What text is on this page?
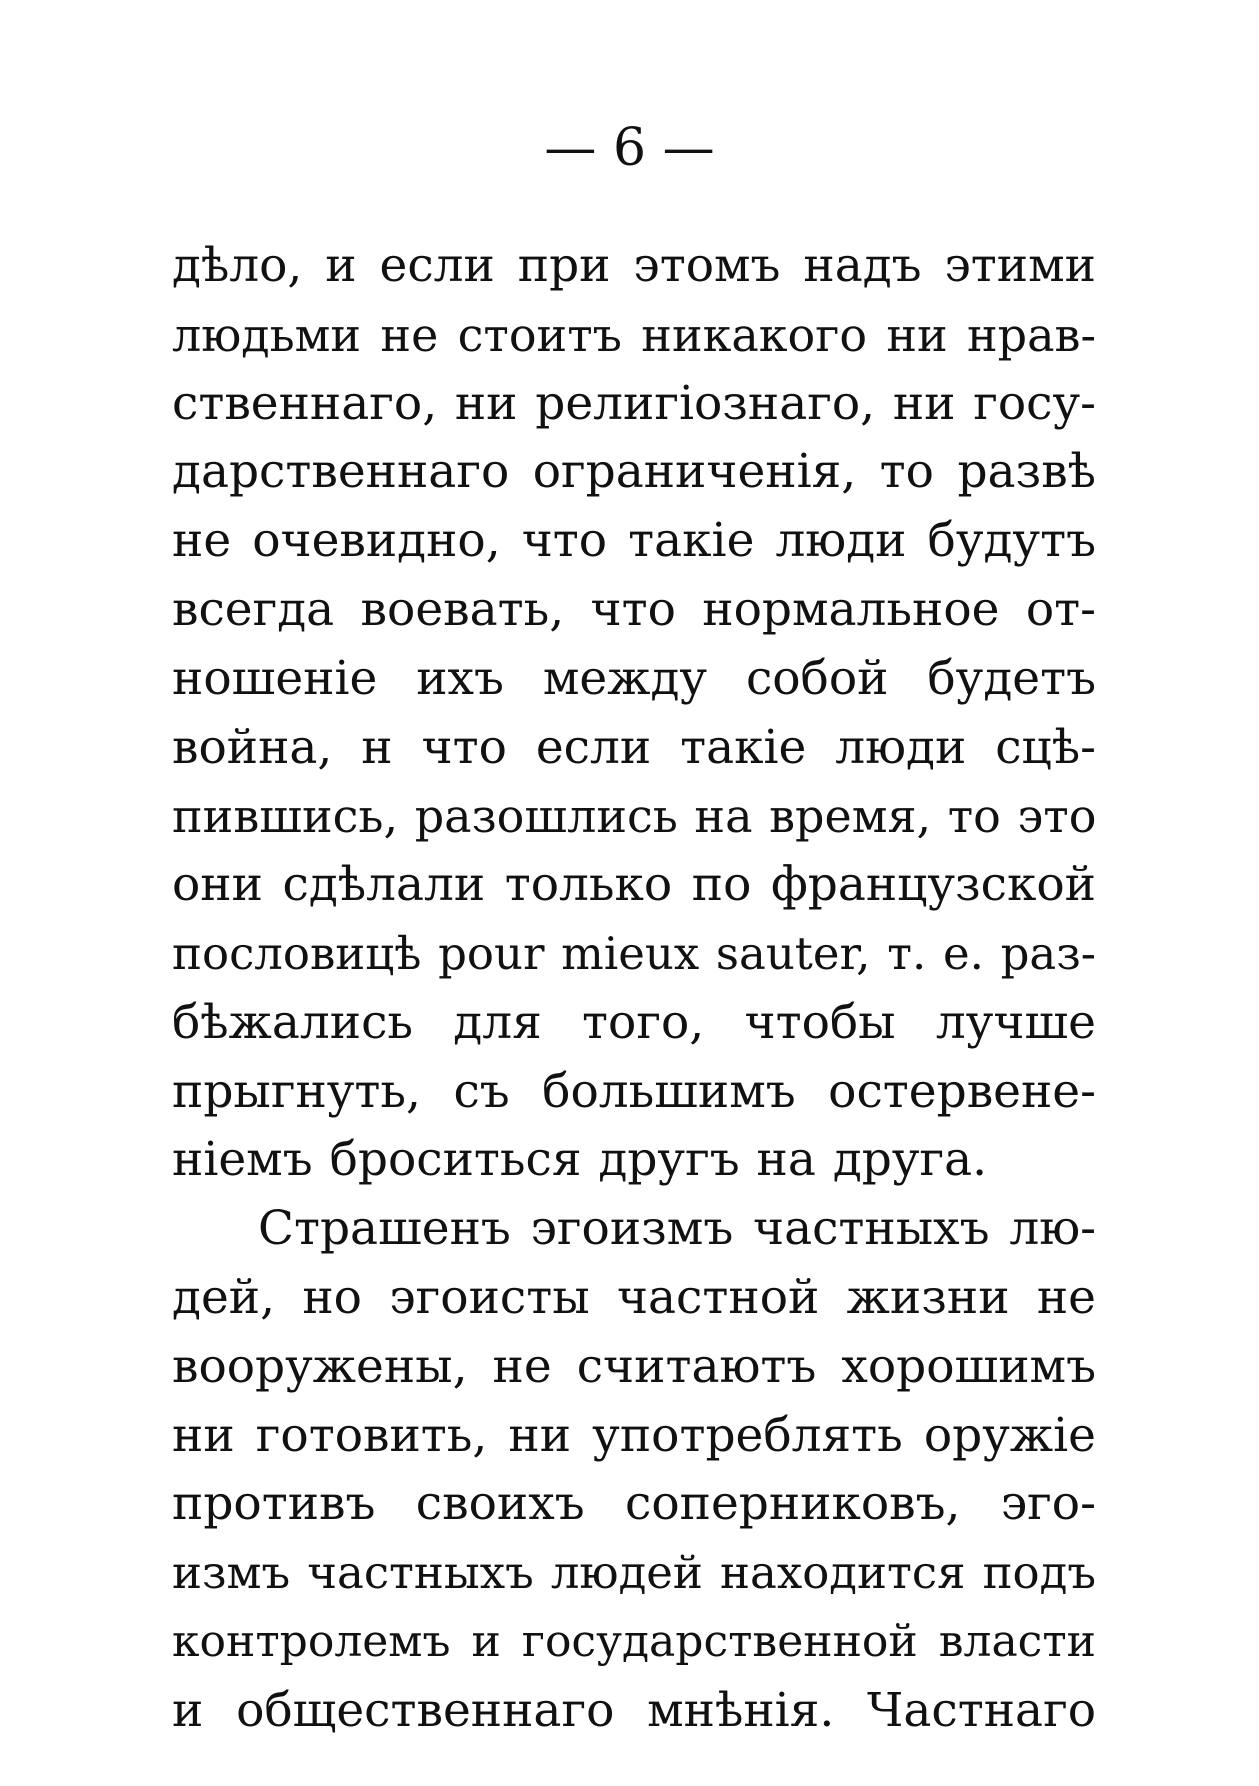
— 6 —
дѣло, и если при этомъ надъ этими
людьми не стоитъ никакого ни нрав-
ственнаго, ни религіознаго, ни госу-
дарственнаго ограниченія, то развѣ
не очевидно, что такіе люди будутъ
всегда воевать, что нормальное от-
ношеніе ихъ между собой будетъ
война, н что если такіе люди сцѣ-
пившись, разошлись на время, то это
они сдѣлали только по французской
пословицѣ pour mieux sauter, т. е. раз-
бѣжались для того, чтобы лучше
прыгнуть, съ большимъ остервене-
ніемъ броситься другъ на друга.
Страшенъ эгоизмъ частныхъ лю-
дей, но эгоисты частной жизни не
вооружены, не считаютъ хорошимъ
ни готовить, ни употреблять оружіе
противъ своихъ соперниковъ, эго-
измъ частныхъ людей находится подъ
контролемъ и государственной власти
и общественнаго мнѣнія. Частнаго
